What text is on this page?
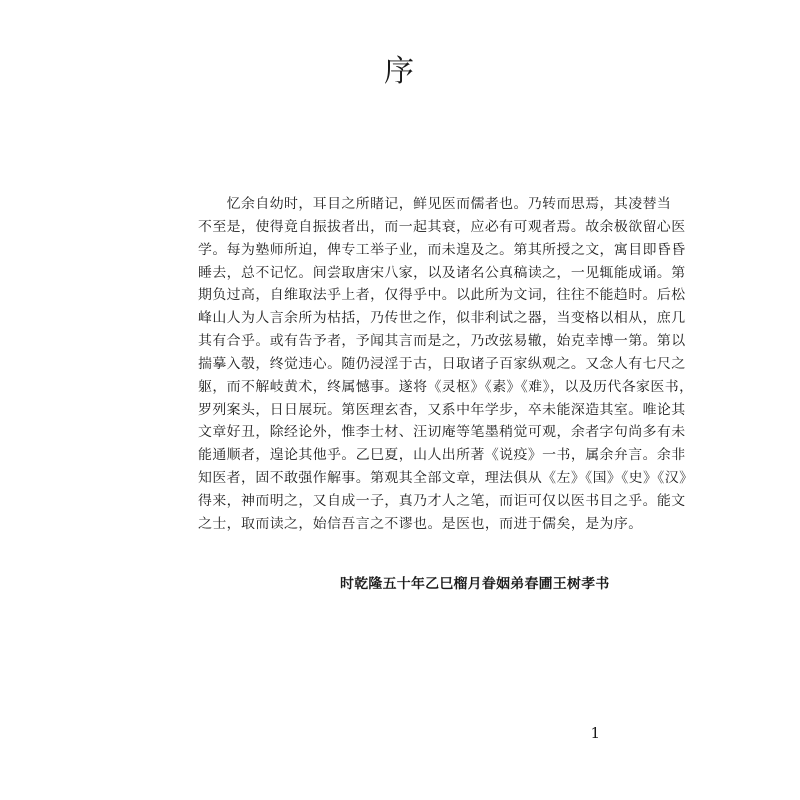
序
　　忆余自幼时，耳目之所睹记，鲜见医而儒者也。乃转而思焉，其凌替当
不至是，使得竟自振拔者出，而一起其衰，应必有可观者焉。故余极欲留心医
学。每为塾师所迫，俾专工举子业，而未遑及之。第其所授之文，寓目即昏昏
睡去，总不记忆。间尝取唐宋八家，以及诸名公真稿读之，一见辄能成诵。第
期负过高，自维取法乎上者，仅得乎中。以此所为文词，往往不能趋时。后松
峰山人为人言余所为枯括，乃传世之作，似非利试之器，当变格以相从，庶几
其有合乎。或有告予者，予闻其言而是之，乃改弦易辙，始克幸博一第。第以
揣摹入彀，终觉违心。随仍浸淫于古，日取诸子百家纵观之。又念人有七尺之
躯，而不解岐黄术，终属憾事。遂将《灵枢》《素》《难》，以及历代各家医书，
罗列案头，日日展玩。第医理玄杳，又系中年学步，卒未能深造其室。唯论其
文章好丑，除经论外，惟李士材、汪讱庵等笔墨稍觉可观，余者字句尚多有未
能通顺者，遑论其他乎。乙巳夏，山人出所著《说疫》一书，属余弁言。余非
知医者，固不敢强作解事。第观其全部文章，理法俱从《左》《国》《史》《汉》
得来，神而明之，又自成一子，真乃才人之笔，而讵可仅以医书目之乎。能文
之士，取而读之，始信吾言之不谬也。是医也，而进于儒矣，是为序。
时乾隆五十年乙巳榴月眷姻弟春圃王树孝书
1
